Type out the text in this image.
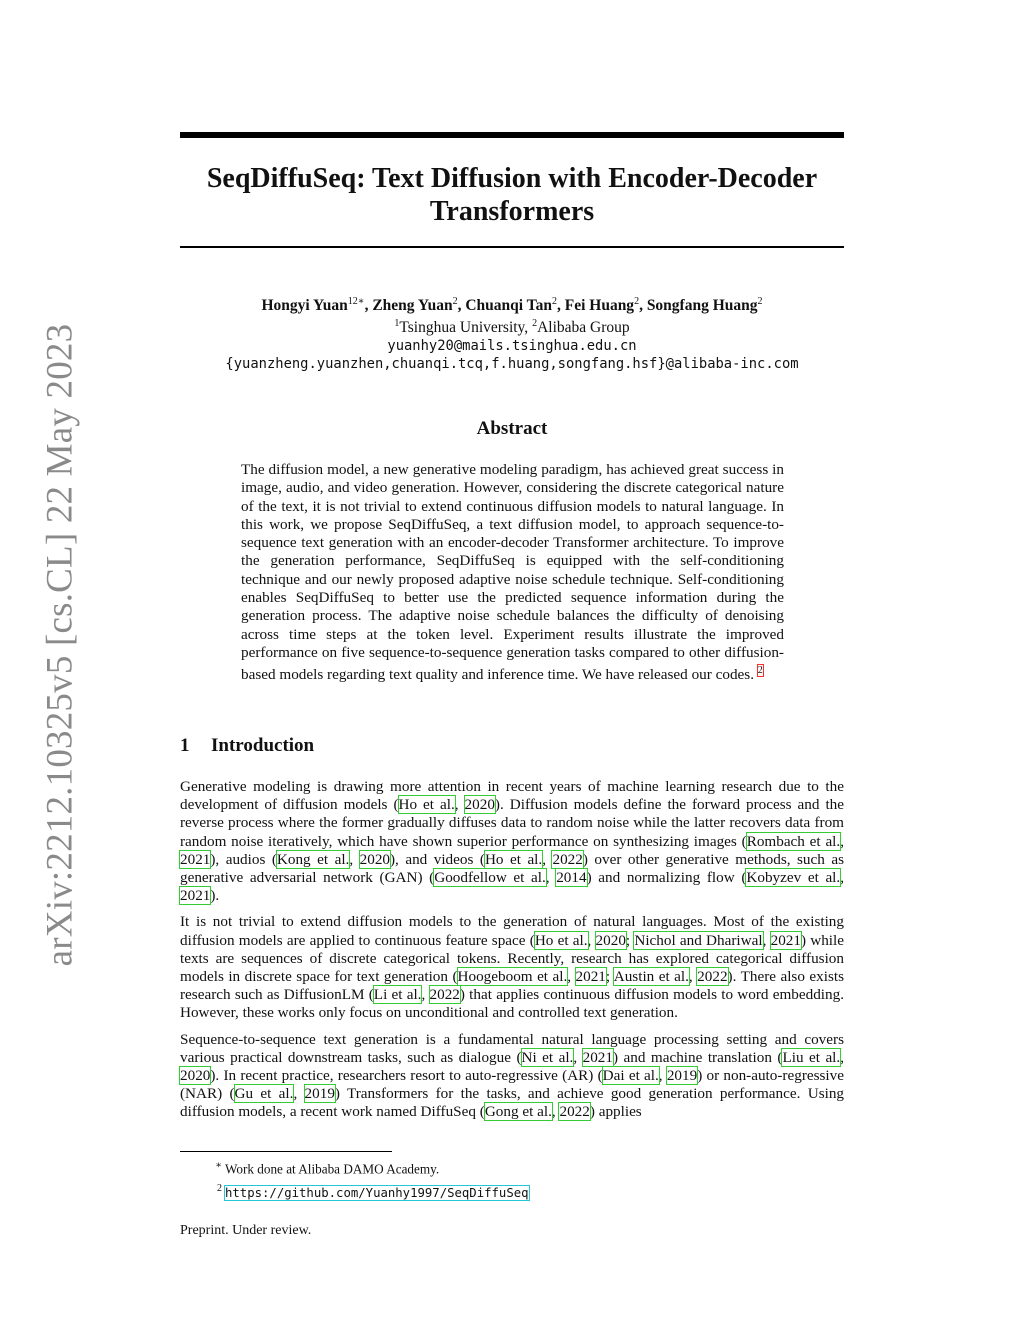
arXiv:2212.10325v5 [cs.CL] 22 May 2023
SeqDiffuSeq: Text Diffusion with Encoder-Decoder
Transformers
Hongyi Yuan$^{12∗}$, Zheng Yuan$^2$, Chuanqi Tan$^2$, Fei Huang$^2$, Songfang Huang$^2$
$^1$Tsinghua University, $^2$Alibaba Group
yuanhy20@mails.tsinghua.edu.cn
{yuanzheng.yuanzhen,chuanqi.tcq,f.huang,songfang.hsf}@alibaba-inc.com
Abstract
The diffusion model, a new generative modeling paradigm, has achieved great success in image, audio, and video generation. However, considering the discrete categorical nature of the text, it is not trivial to extend continuous diffusion models to natural language. In this work, we propose SeqDiffuSeq, a text diffusion model, to approach sequence-to-sequence text generation with an encoder-decoder Transformer architecture. To improve the generation performance, SeqDiffuSeq is equipped with the self-conditioning technique and our newly proposed adaptive noise schedule technique. Self-conditioning enables SeqDiffuSeq to better use the predicted sequence information during the generation process. The adaptive noise schedule balances the difficulty of denoising across time steps at the token level. Experiment results illustrate the improved performance on five sequence-to-sequence generation tasks compared to other diffusion-based models regarding text quality and inference time. We have released our codes. $^2$
1 Introduction

Generative modeling is drawing more attention in recent years of machine learning research due to the development of diffusion models (Ho et al., 2020). Diffusion models define the forward process and the reverse process where the former gradually diffuses data to random noise while the latter recovers data from random noise iteratively, which have shown superior performance on synthesizing images (Rombach et al., 2021), audios (Kong et al., 2020), and videos (Ho et al., 2022) over other generative methods, such as generative adversarial network (GAN) (Goodfellow et al., 2014) and normalizing flow (Kobyzev et al., 2021).

It is not trivial to extend diffusion models to the generation of natural languages. Most of the existing diffusion models are applied to continuous feature space (Ho et al., 2020; Nichol and Dhariwal, 2021) while texts are sequences of discrete categorical tokens. Recently, research has explored categorical diffusion models in discrete space for text generation (Hoogeboom et al., 2021; Austin et al., 2022). There also exists research such as DiffusionLM (Li et al., 2022) that applies continuous diffusion models to word embedding. However, these works only focus on unconditional and controlled text generation.

Sequence-to-sequence text generation is a fundamental natural language processing setting and covers various practical downstream tasks, such as dialogue (Ni et al., 2021) and machine translation (Liu et al., 2020). In recent practice, researchers resort to auto-regressive (AR) (Dai et al., 2019) or non-auto-regressive (NAR) (Gu et al., 2019) Transformers for the tasks, and achieve good generation performance. Using diffusion models, a recent work named DiffuSeq (Gong et al., 2022) applies

∗ Work done at Alibaba DAMO Academy.
2 https://github.com/Yuanhy1997/SeqDiffuSeq
Preprint. Under review.
